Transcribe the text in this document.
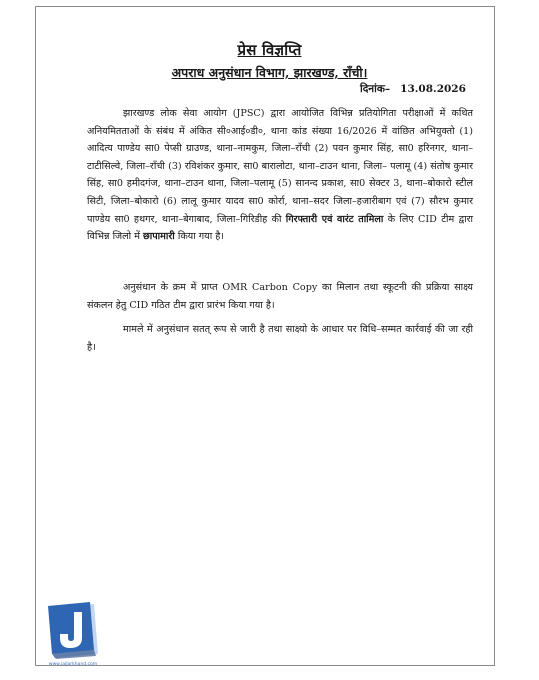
प्रेस विज्ञप्ति
अपराध अनुसंधान विभाग, झारखण्ड, राँची।
दिनांक– 13.08.2026

झारखण्ड लोक सेवा आयोग (JPSC) द्वारा आयोजित विभिन्न प्रतियोगिता परीक्षाओं में कथित अनियमितताओं के संबंध में अंकित सी०आई०डी०, थाना कांड संख्या 16/2026 में वांछित अभियुक्तो (1) आदित्य पाण्डेय सा0 पेप्सी ग्राउण्ड, थाना–नामकुम, जिला–राँची (2) पवन कुमार सिंह, सा0 हरिनगर, थाना–टाटीसिल्वे, जिला–राँची (3) रविशंकर कुमार, सा0 बारालोटा, थाना–टाउन थाना, जिला– पलामू (4) संतोष कुमार सिंह, सा0 हमीदगंज, थाना–टाउन थाना, जिला–पलामू (5) सानन्द प्रकाश, सा0 सेक्टर 3, थाना–बोकारो स्टील सिटी, जिला–बोकारो (6) लालू कुमार यादव सा0 कोर्रा, थाना–सदर जिला–हजारीबाग एवं (7) सौरभ कुमार पाण्डेय सा0 हथगर, थाना–बेगाबाद, जिला–गिरिडीह की गिरफ्तारी एवं वारंट तामिला के लिए CID टीम द्वारा विभिन्न जिलो में छापामारी किया गया है।

अनुसंधान के क्रम में प्राप्त OMR Carbon Copy का मिलान तथा स्कूटनी की प्रक्रिया साक्ष्य संकलन हेतु CID गठित टीम द्वारा प्रारंभ किया गया है।

मामले में अनुसंधान सतत् रूप से जारी है तथा साक्ष्यो के आधार पर विधि–सम्मत कार्रवाई की जा रही है।

www.jaiJarkhand.com
